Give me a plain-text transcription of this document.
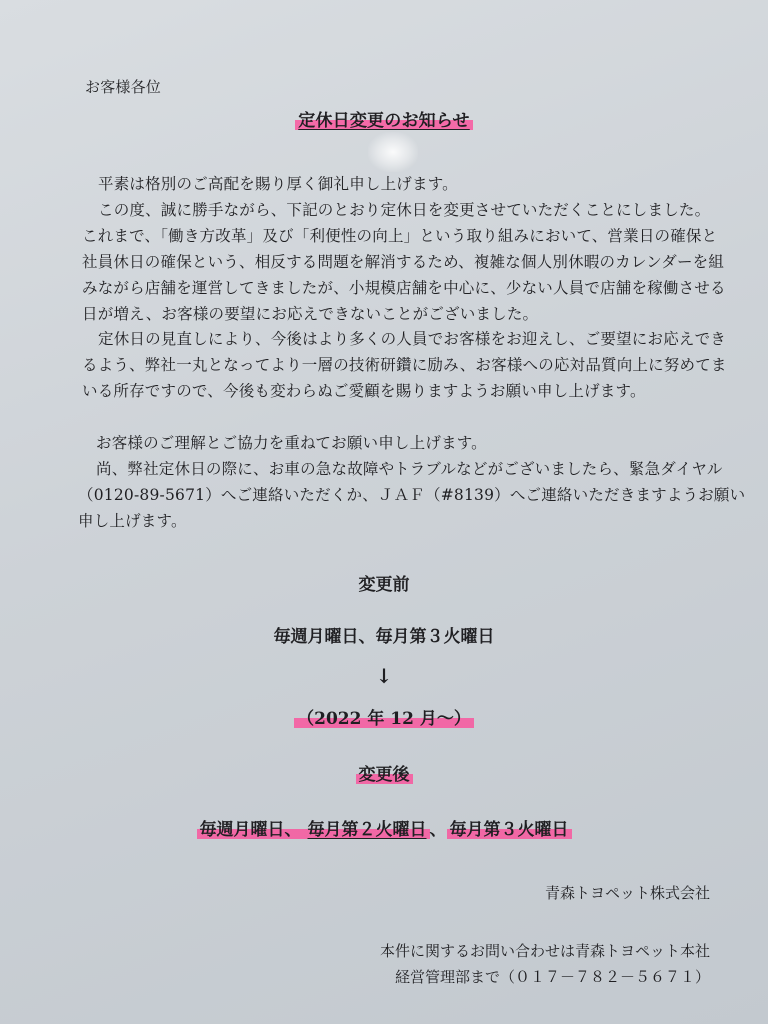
お客様各位
定休日変更のお知らせ
平素は格別のご高配を賜り厚く御礼申し上げます。
この度、誠に勝手ながら、下記のとおり定休日を変更させていただくことにしました。
これまで、「働き方改革」及び「利便性の向上」という取り組みにおいて、営業日の確保と
社員休日の確保という、相反する問題を解消するため、複雑な個人別休暇のカレンダーを組
みながら店舗を運営してきましたが、小規模店舗を中心に、少ない人員で店舗を稼働させる
日が増え、お客様の要望にお応えできないことがございました。
定休日の見直しにより、今後はより多くの人員でお客様をお迎えし、ご要望にお応えでき
るよう、弊社一丸となってより一層の技術研鑽に励み、お客様への応対品質向上に努めてま
いる所存ですので、今後も変わらぬご愛顧を賜りますようお願い申し上げます。
お客様のご理解とご協力を重ねてお願い申し上げます。
尚、弊社定休日の際に、お車の急な故障やトラブルなどがございましたら、緊急ダイヤル
（0120-89-5671）へご連絡いただくか、ＪＡＦ（#8139）へご連絡いただきますようお願い
申し上げます。
変更前
毎週月曜日、毎月第３火曜日
↓
（2022 年 12 月～）
変更後
毎週月曜日、 毎月第２火曜日 、 毎月第３火曜日
青森トヨペット株式会社
本件に関するお問い合わせは青森トヨペット本社
経営管理部まで（０１７－７８２－５６７１）
